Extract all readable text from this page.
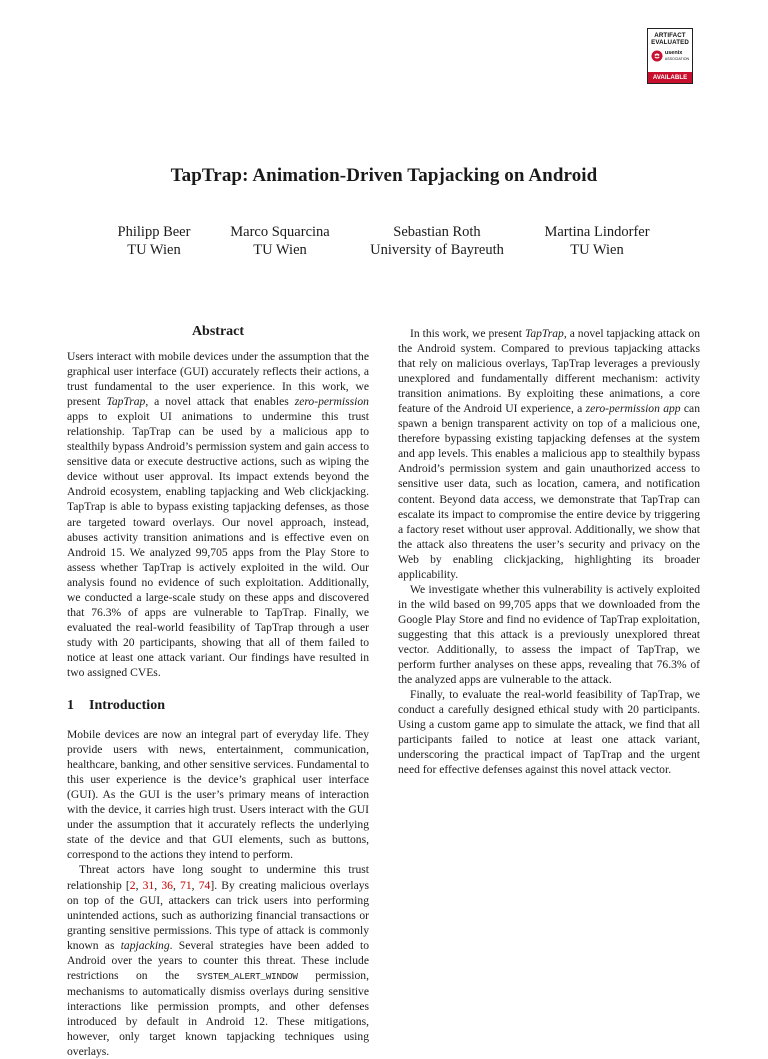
ARTIFACT
EVALUATED
usenix
ASSOCIATION
AVAILABLE
TapTrap: Animation-Driven Tapjacking on Android
Philipp Beer
TU Wien
Marco Squarcina
TU Wien
Sebastian Roth
University of Bayreuth
Martina Lindorfer
TU Wien
Abstract

Users interact with mobile devices under the assumption that the graphical user interface (GUI) accurately reflects their actions, a trust fundamental to the user experience. In this work, we present TapTrap, a novel attack that enables zero-permission apps to exploit UI animations to undermine this trust relationship. TapTrap can be used by a malicious app to stealthily bypass Android’s permission system and gain access to sensitive data or execute destructive actions, such as wiping the device without user approval. Its impact extends beyond the Android ecosystem, enabling tapjacking and Web clickjacking. TapTrap is able to bypass existing tapjacking defenses, as those are targeted toward overlays. Our novel approach, instead, abuses activity transition animations and is effective even on Android 15. We analyzed 99,705 apps from the Play Store to assess whether TapTrap is actively exploited in the wild. Our analysis found no evidence of such exploitation. Additionally, we conducted a large-scale study on these apps and discovered that 76.3% of apps are vulnerable to TapTrap. Finally, we evaluated the real-world feasibility of TapTrap through a user study with 20 participants, showing that all of them failed to notice at least one attack variant. Our findings have resulted in two assigned CVEs.

1 Introduction

Mobile devices are now an integral part of everyday life. They provide users with news, entertainment, communication, healthcare, banking, and other sensitive services. Fundamental to this user experience is the device’s graphical user interface (GUI). As the GUI is the user’s primary means of interaction with the device, it carries high trust. Users interact with the GUI under the assumption that it accurately reflects the underlying state of the device and that GUI elements, such as buttons, correspond to the actions they intend to perform.

Threat actors have long sought to undermine this trust relationship [2, 31, 36, 71, 74]. By creating malicious overlays on top of the GUI, attackers can trick users into performing unintended actions, such as authorizing financial transactions or granting sensitive permissions. This type of attack is commonly known as tapjacking. Several strategies have been added to Android over the years to counter this threat. These include restrictions on the SYSTEM_ALERT_WINDOW permission, mechanisms to automatically dismiss overlays during sensitive interactions like permission prompts, and other defenses introduced by default in Android 12. These mitigations, however, only target known tapjacking techniques using overlays.

In this work, we present TapTrap, a novel tapjacking attack on the Android system. Compared to previous tapjacking attacks that rely on malicious overlays, TapTrap leverages a previously unexplored and fundamentally different mechanism: activity transition animations. By exploiting these animations, a core feature of the Android UI experience, a zero-permission app can spawn a benign transparent activity on top of a malicious one, therefore bypassing existing tapjacking defenses at the system and app levels. This enables a malicious app to stealthily bypass Android’s permission system and gain unauthorized access to sensitive user data, such as location, camera, and notification content. Beyond data access, we demonstrate that TapTrap can escalate its impact to compromise the entire device by triggering a factory reset without user approval. Additionally, we show that the attack also threatens the user’s security and privacy on the Web by enabling clickjacking, highlighting its broader applicability.

We investigate whether this vulnerability is actively exploited in the wild based on 99,705 apps that we downloaded from the Google Play Store and find no evidence of TapTrap exploitation, suggesting that this attack is a previously unexplored threat vector. Additionally, to assess the impact of TapTrap, we perform further analyses on these apps, revealing that 76.3% of the analyzed apps are vulnerable to the attack.

Finally, to evaluate the real-world feasibility of TapTrap, we conduct a carefully designed ethical study with 20 participants. Using a custom game app to simulate the attack, we find that all participants failed to notice at least one attack variant, underscoring the practical impact of TapTrap and the urgent need for effective defenses against this novel attack vector.
